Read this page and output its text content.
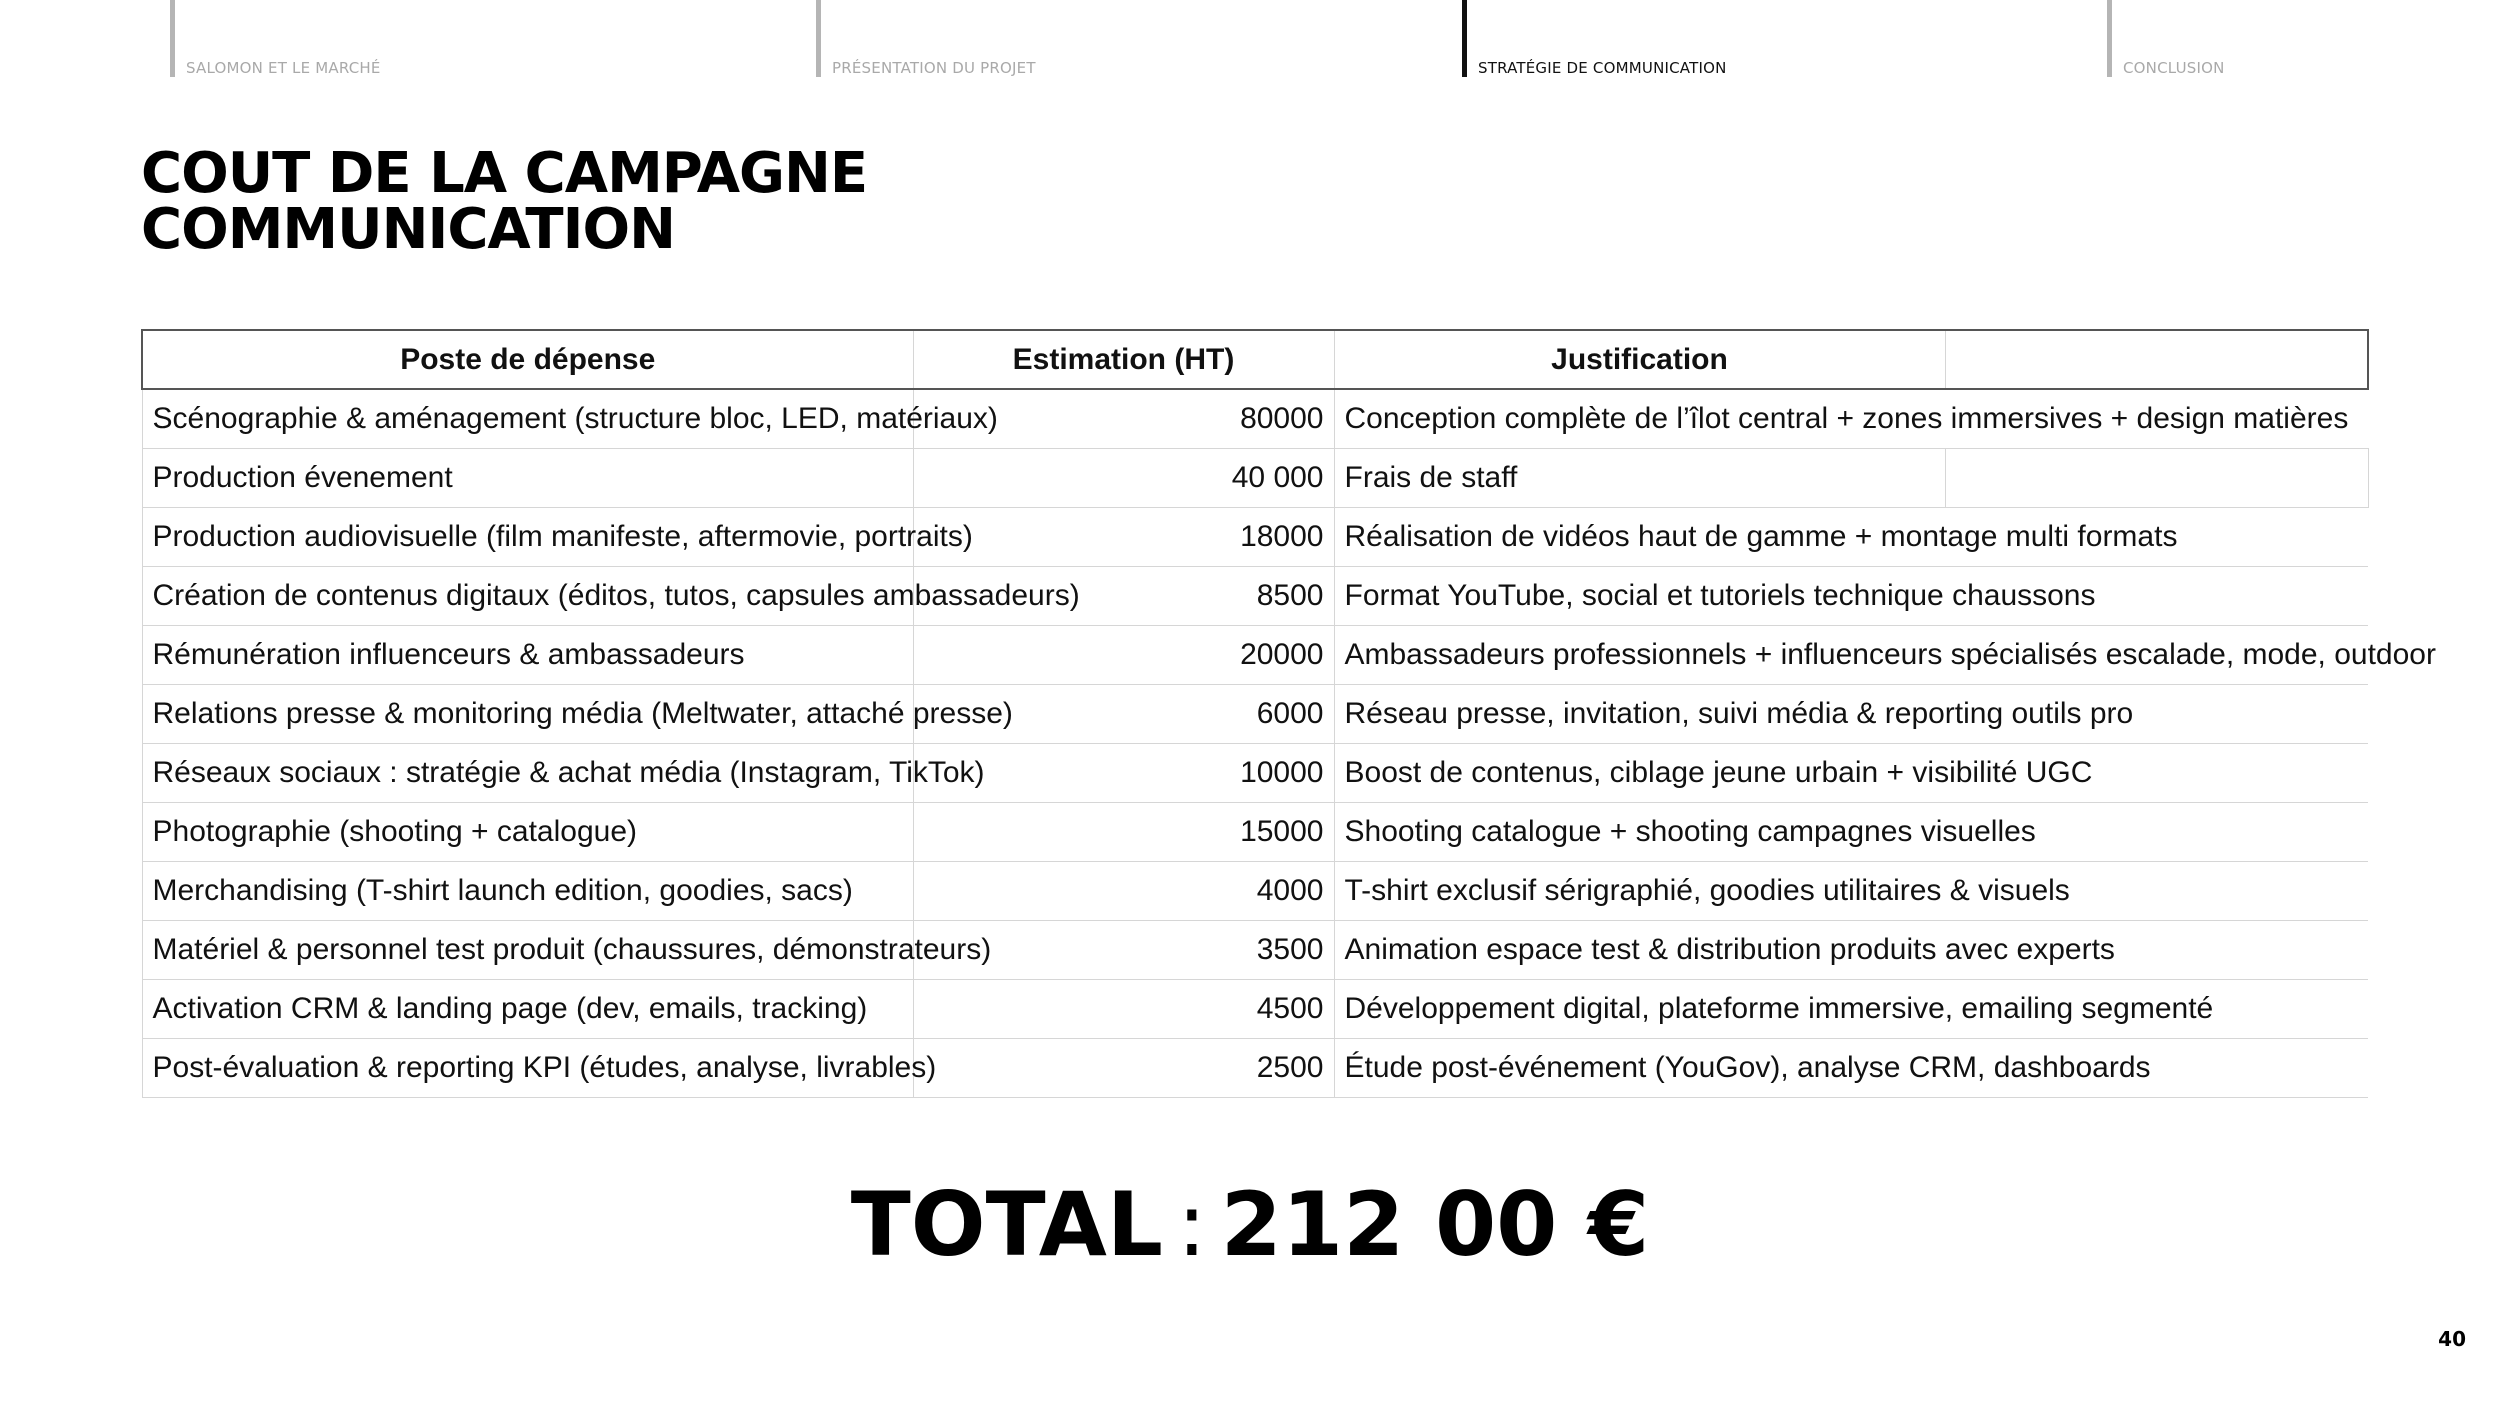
SALOMON ET LE MARCHÉ	PRÉSENTATION DU PROJET	STRATÉGIE DE COMMUNICATION	CONCLUSION
COUT DE LA CAMPAGNE
COMMUNICATION
Poste de dépense	Estimation (HT)	Justification	
Scénographie & aménagement (structure bloc, LED, matériaux)	80000	Conception complète de l’îlot central + zones immersives + design matières	
Production évenement	40 000	Frais de staff	
Production audiovisuelle (film manifeste, aftermovie, portraits)	18000	Réalisation de vidéos haut de gamme + montage multi formats	
Création de contenus digitaux (éditos, tutos, capsules ambassadeurs)	8500	Format YouTube, social et tutoriels technique chaussons	
Rémunération influenceurs & ambassadeurs	20000	Ambassadeurs professionnels + influenceurs spécialisés escalade, mode, outdoor	
Relations presse & monitoring média (Meltwater, attaché presse)	6000	Réseau presse, invitation, suivi média & reporting outils pro	
Réseaux sociaux : stratégie & achat média (Instagram, TikTok)	10000	Boost de contenus, ciblage jeune urbain + visibilité UGC	
Photographie (shooting + catalogue)	15000	Shooting catalogue + shooting campagnes visuelles	
Merchandising (T-shirt launch edition, goodies, sacs)	4000	T-shirt exclusif sérigraphié, goodies utilitaires & visuels	
Matériel & personnel test produit (chaussures, démonstrateurs)	3500	Animation espace test & distribution produits avec experts	
Activation CRM & landing page (dev, emails, tracking)	4500	Développement digital, plateforme immersive, emailing segmenté	
Post-évaluation & reporting KPI (études, analyse, livrables)	2500	Étude post-événement (YouGov), analyse CRM, dashboards	
TOTAL : 212 00 €
40
